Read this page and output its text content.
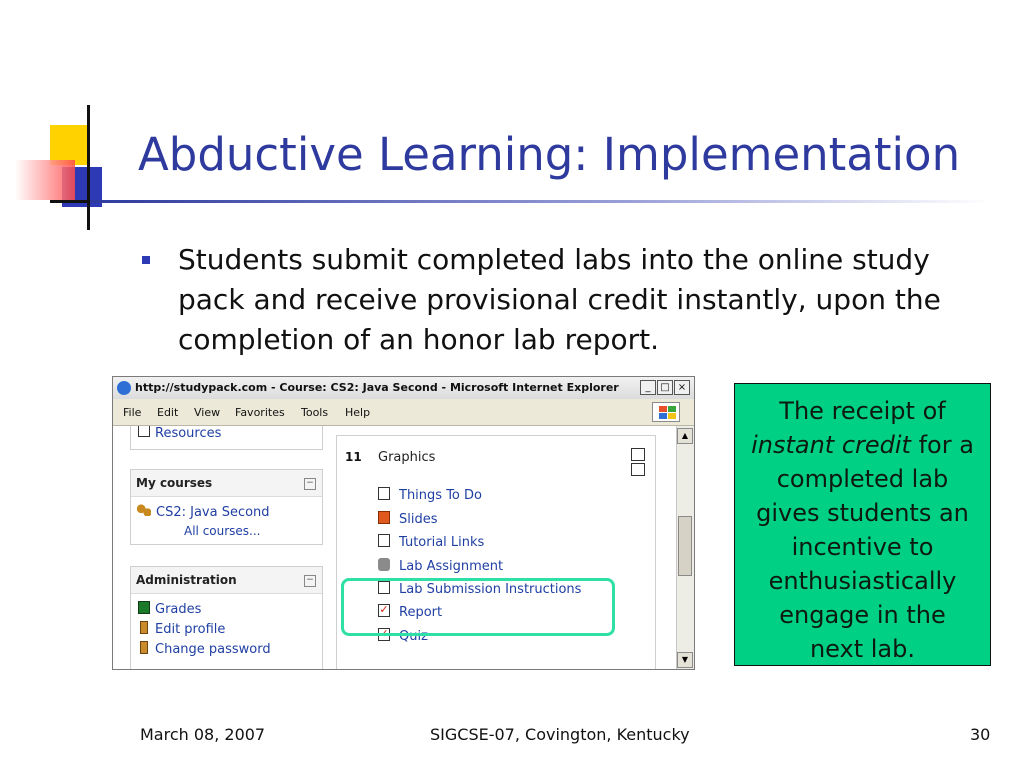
Abductive Learning: Implementation
Students submit completed labs into the online study pack and receive provisional credit instantly, upon the completion of an honor lab report.
http://studypack.com - Course: CS2: Java Second - Microsoft Internet Explorer	_ □ ×
File Edit View Favorites Tools Help
Resources
My courses	−
CS2: Java Second
All courses...
Administration	−
Grades
Edit profile
Change password
11 Graphics
Things To Do
Slides
Tutorial Links
Lab Assignment
Lab Submission Instructions
✓ Report
✓ Quiz
▲
▼
The receipt of
instant credit for a
completed lab
gives students an
incentive to
enthusiastically
engage in the
next lab.
March 08, 2007	SIGCSE-07, Covington, Kentucky	30
